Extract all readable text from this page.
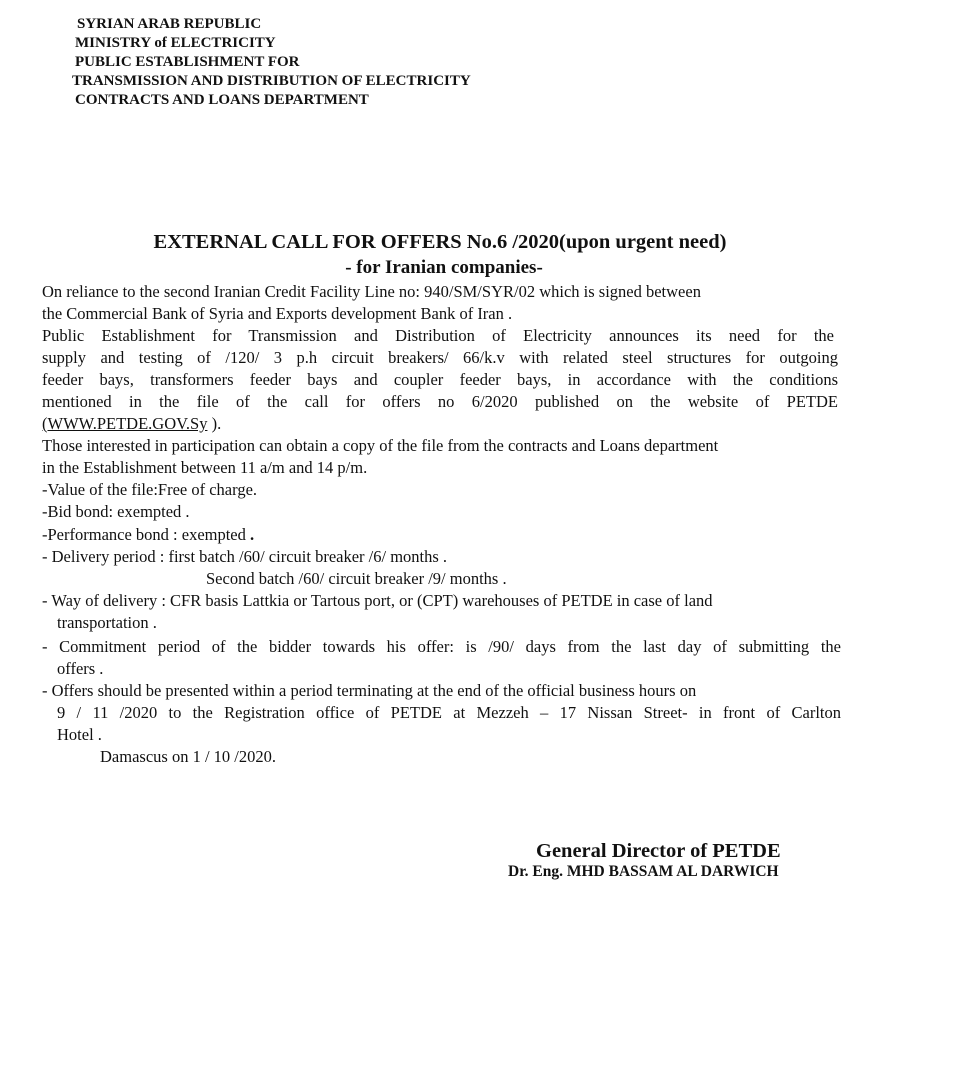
SYRIAN ARAB REPUBLIC
MINISTRY of ELECTRICITY
PUBLIC ESTABLISHMENT FOR
TRANSMISSION AND DISTRIBUTION OF ELECTRICITY
CONTRACTS AND LOANS DEPARTMENT
EXTERNAL CALL FOR OFFERS No.6 /2020(upon urgent need)
- for Iranian companies-
On reliance to the second Iranian Credit Facility Line no: 940/SM/SYR/02 which is signed between
the Commercial Bank of Syria and Exports development Bank of Iran .
Public Establishment for Transmission and Distribution of Electricity announces its need for the
supply and testing of /120/ 3 p.h circuit breakers/ 66/k.v with related steel structures for outgoing
feeder bays, transformers feeder bays and coupler feeder bays, in accordance with the conditions
mentioned in the file of the call for offers no 6/2020 published on the website of PETDE
(WWW.PETDE.GOV.Sy ).
Those interested in participation can obtain a copy of the file from the contracts and Loans department
in the Establishment between 11 a/m and 14 p/m.
-Value of the file:Free of charge.
-Bid bond: exempted .
-Performance bond : exempted .
- Delivery period : first batch /60/ circuit breaker /6/ months .
Second batch /60/ circuit breaker /9/ months .
- Way of delivery : CFR basis Lattkia or Tartous port, or (CPT) warehouses of PETDE in case of land
transportation .
- Commitment period of the bidder towards his offer: is /90/ days from the last day of submitting the
offers .
- Offers should be presented within a period terminating at the end of the official business hours on
9 / 11 /2020 to the Registration office of PETDE at Mezzeh – 17 Nissan Street- in front of Carlton
Hotel .
Damascus on 1 / 10 /2020.
General Director of PETDE
Dr. Eng. MHD BASSAM AL DARWICH
